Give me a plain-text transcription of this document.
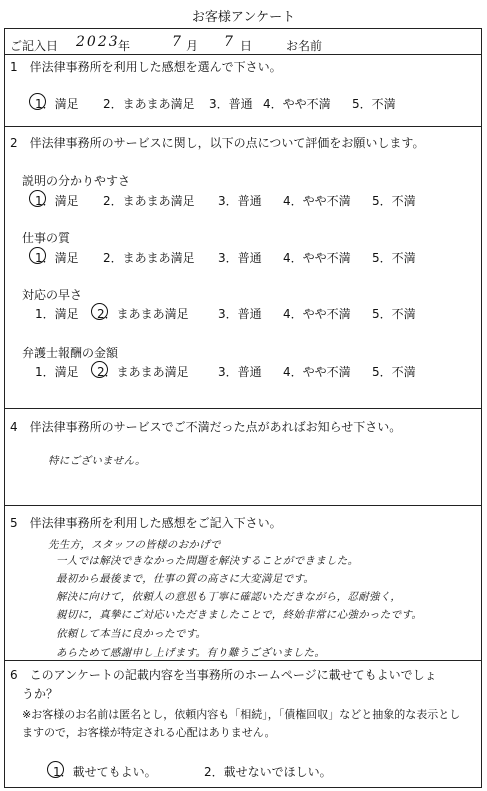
お客様アンケート
ご記入日 2023
年	7 月 7 日	お名前
1　伴法律事務所を利用した感想を選んで下さい。
1．満足 2．まあまあ満足 3．普通 4．やや不満 5．不満
2　伴法律事務所のサービスに関し，以下の点について評価をお願いします。
説明の分かりやすさ
1．満足 2．まあまあ満足 3．普通 4．やや不満 5．不満
仕事の質
1．満足 2．まあまあ満足 3．普通 4．やや不満 5．不満
対応の早さ
1．満足 2．まあまあ満足 3．普通 4．やや不満 5．不満
弁護士報酬の金額
1．満足 2．まあまあ満足 3．普通 4．やや不満 5．不満
4　伴法律事務所のサービスでご不満だった点があればお知らせ下さい。
特にございません。
5　伴法律事務所を利用した感想をご記入下さい。
先生方，スタッフの皆様のおかげで
一人では解決できなかった問題を解決することができました。
最初から最後まで，仕事の質の高さに大変満足です。
解決に向けて，依頼人の意思も丁寧に確認いただきながら，忍耐強く，
親切に，真摯にご対応いただきましたことで，終始非常に心強かったです。
依頼して本当に良かったです。
あらためて感謝申し上げます。有り難うございました。
6　このアンケートの記載内容を当事務所のホームページに載せてもよいでしょ
うか？
※お客様のお名前は匿名とし，依頼内容も「相続」，「債権回収」などと抽象的な表示とし
ますので，お客様が特定される心配はありません。
1．載せてもよい。	2．載せないでほしい。
